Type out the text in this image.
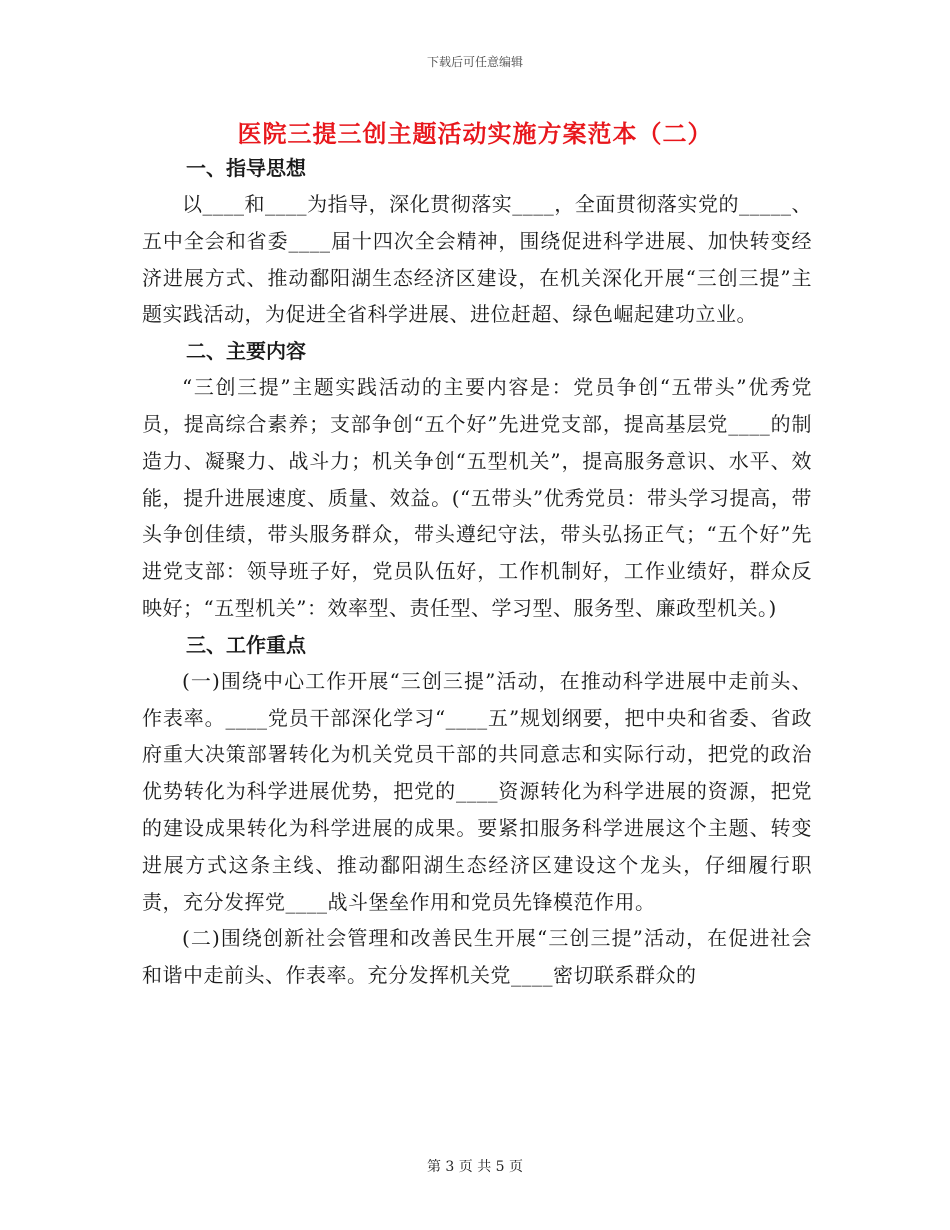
下载后可任意编辑
医院三提三创主题活动实施方案范本（二）
一、指导思想

以____和____为指导，深化贯彻落实____，全面贯彻落实党的_____、五中全会和省委____届十四次全会精神，围绕促进科学进展、加快转变经济进展方式、推动鄱阳湖生态经济区建设，在机关深化开展“三创三提”主题实践活动，为促进全省科学进展、进位赶超、绿色崛起建功立业。

二、主要内容

“三创三提”主题实践活动的主要内容是：党员争创“五带头”优秀党员，提高综合素养；支部争创“五个好”先进党支部，提高基层党____的制造力、凝聚力、战斗力；机关争创“五型机关”，提高服务意识、水平、效能，提升进展速度、质量、效益。(“五带头”优秀党员：带头学习提高，带头争创佳绩，带头服务群众，带头遵纪守法，带头弘扬正气；“五个好”先进党支部：领导班子好，党员队伍好，工作机制好，工作业绩好，群众反映好；“五型机关”：效率型、责任型、学习型、服务型、廉政型机关。)

三、工作重点

(一)围绕中心工作开展“三创三提”活动，在推动科学进展中走前头、作表率。____党员干部深化学习“____五”规划纲要，把中央和省委、省政府重大决策部署转化为机关党员干部的共同意志和实际行动，把党的政治优势转化为科学进展优势，把党的____资源转化为科学进展的资源，把党的建设成果转化为科学进展的成果。要紧扣服务科学进展这个主题、转变进展方式这条主线、推动鄱阳湖生态经济区建设这个龙头，仔细履行职责，充分发挥党____战斗堡垒作用和党员先锋模范作用。

(二)围绕创新社会管理和改善民生开展“三创三提”活动，在促进社会和谐中走前头、作表率。充分发挥机关党____密切联系群众的

第 3 页 共 5 页
